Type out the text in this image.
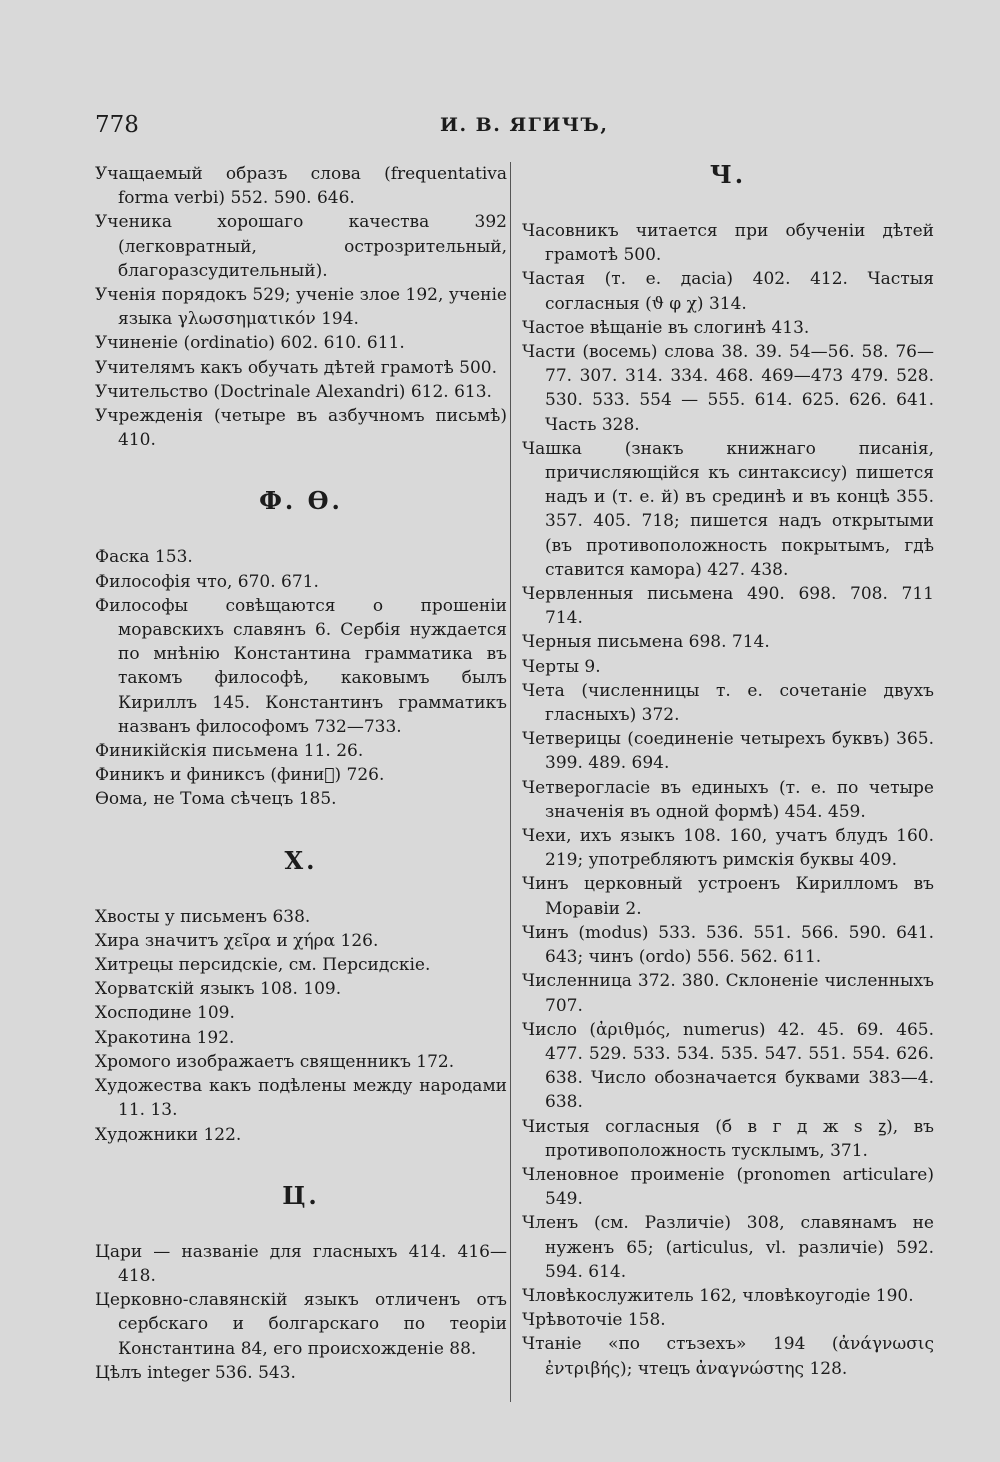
778	И. В. ЯГИЧЪ,
Учащаемый образъ слова (frequentativa forma verbi) 552. 590. 646.
Ученика хорошаго качества 392 (легковратный, острозрительный, благоразсудительный).
Ученія порядокъ 529; ученіе злое 192, ученіе языка γλωσσηματικόν 194.
Учиненіе (ordinatio) 602. 610. 611.
Учителямъ какъ обучать дѣтей грамотѣ 500.
Учительство (Doctrinale Alexandri) 612. 613.
Учрежденія (четыре въ азбучномъ письмѣ) 410.
Ф. Ѳ.
Фаска 153.
Философія что, 670. 671.
Философы совѣщаются о прошеніи моравскихъ славянъ 6. Сербія нуждается по мнѣнію Константина грамматика въ такомъ философѣ, каковымъ былъ Кириллъ 145. Константинъ грамматикъ названъ философомъ 732—733.
Финикійскія письмена 11. 26.
Финикъ и финиксъ (фини꙯) 726.
Ѳома, не Тома сѣчецъ 185.
Х.
Хвосты у письменъ 638.
Хира значитъ χεῖρα и χήρα 126.
Хитрецы персидскіе, см. Персидскіе.
Хорватскій языкъ 108. 109.
Хосподине 109.
Хракотина 192.
Хромого изображаетъ священникъ 172.
Художества какъ подѣлены между народами 11. 13.
Художники 122.
Ц.
Цари — названіе для гласныхъ 414. 416—418.
Церковно-славянскій языкъ отличенъ отъ сербскаго и болгарскаго по теоріи Константина 84, его происхожденіе 88.
Цѣлъ integer 536. 543.
Ч.
Часовникъ читается при обученіи дѣтей грамотѣ 500.
Частая (т. е. дасіа) 402. 412. Частыя согласныя (ϑ φ χ) 314.
Частое вѣщаніе въ слогинѣ 413.
Части (восемь) слова 38. 39. 54—56. 58. 76—77. 307. 314. 334. 468. 469—473 479. 528. 530. 533. 554 — 555. 614. 625. 626. 641. Часть 328.
Чашка (знакъ книжнаго писанія, причисляющійся къ синтаксису) пишется надъ и (т. е. й) въ срединѣ и въ концѣ 355. 357. 405. 718; пишется надъ открытыми (въ противоположность покрытымъ, гдѣ ставится камора) 427. 438.
Червленныя письмена 490. 698. 708. 711 714.
Черныя письмена 698. 714.
Черты 9.
Чета (численницы т. е. сочетаніе двухъ гласныхъ) 372.
Четверицы (соединеніе четырехъ буквъ) 365. 399. 489. 694.
Четвероглaсіе въ единыхъ (т. е. по четыре значенія въ одной формѣ) 454. 459.
Чехи, ихъ языкъ 108. 160, учатъ блудъ 160. 219; употребляютъ римскія буквы 409.
Чинъ церковный устроенъ Кирилломъ въ Моравіи 2.
Чинъ (modus) 533. 536. 551. 566. 590. 641. 643; чинъ (ordo) 556. 562. 611.
Численница 372. 380. Склоненіе численныхъ 707.
Число (ἀριθμός, numerus) 42. 45. 69. 465. 477. 529. 533. 534. 535. 547. 551. 554. 626. 638. Число обозначается буквами 383—4. 638.
Чистыя согласныя (б в г д ж ѕ ꙁ), въ противоположность тусклымъ, 371.
Членовное проименіе (pronomen articulare) 549.
Членъ (см. Различіе) 308, славянамъ не нуженъ 65; (articulus, vl. различіе) 592. 594. 614.
Чловѣкослужитель 162, чловѣкоугодіе 190.
Чрѣвоточіе 158.
Чтаніе «по стъзехъ» 194 (ἀνάγνωσις ἐντριβής); чтецъ ἀναγνώστης 128.
